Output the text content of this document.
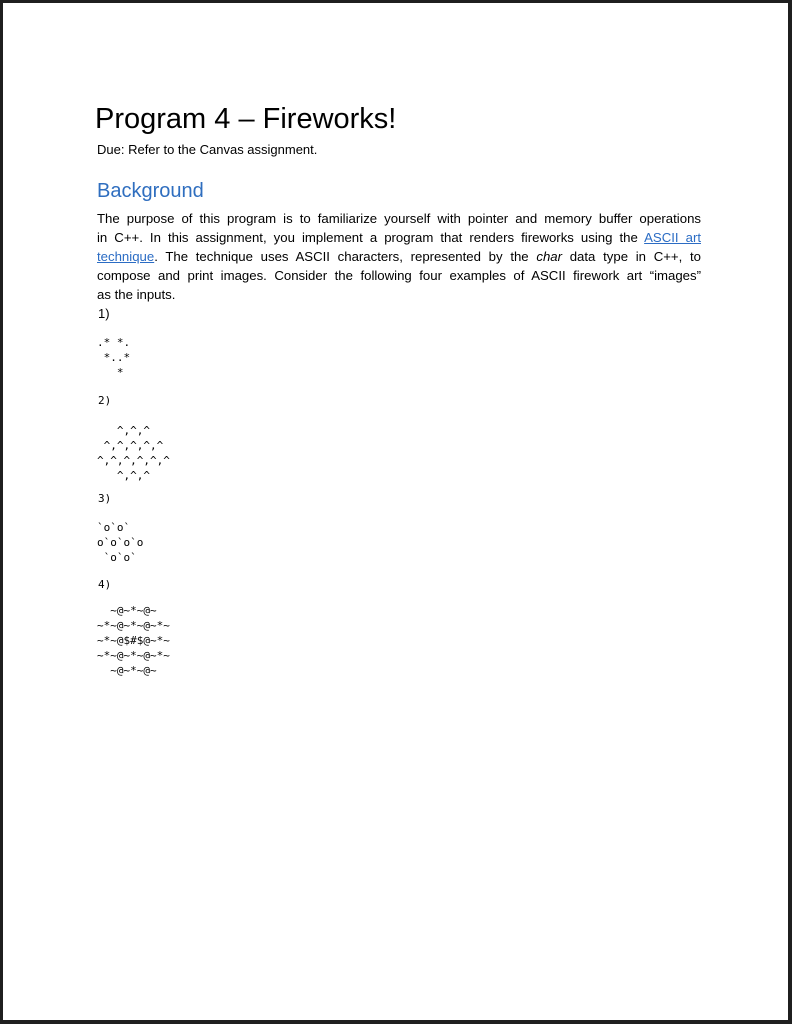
Program 4 – Fireworks!

Due: Refer to the Canvas assignment.

Background

The purpose of this program is to familiarize yourself with pointer and memory buffer operations
in C++. In this assignment, you implement a program that renders fireworks using the ASCII art
technique. The technique uses ASCII characters, represented by the char data type in C++, to
compose and print images. Consider the following four examples of ASCII firework art “images”
as the inputs.

1)
.* *.
*..*
*
2)
^,^,^
^,^,^,^,^
^,^,^,^,^,^
^,^,^
3)
`o`o`
o`o`o`o
`o`o`
4)
~@~*~@~
~*~@~*~@~*~
~*~@$#$@~*~
~*~@~*~@~*~
~@~*~@~
